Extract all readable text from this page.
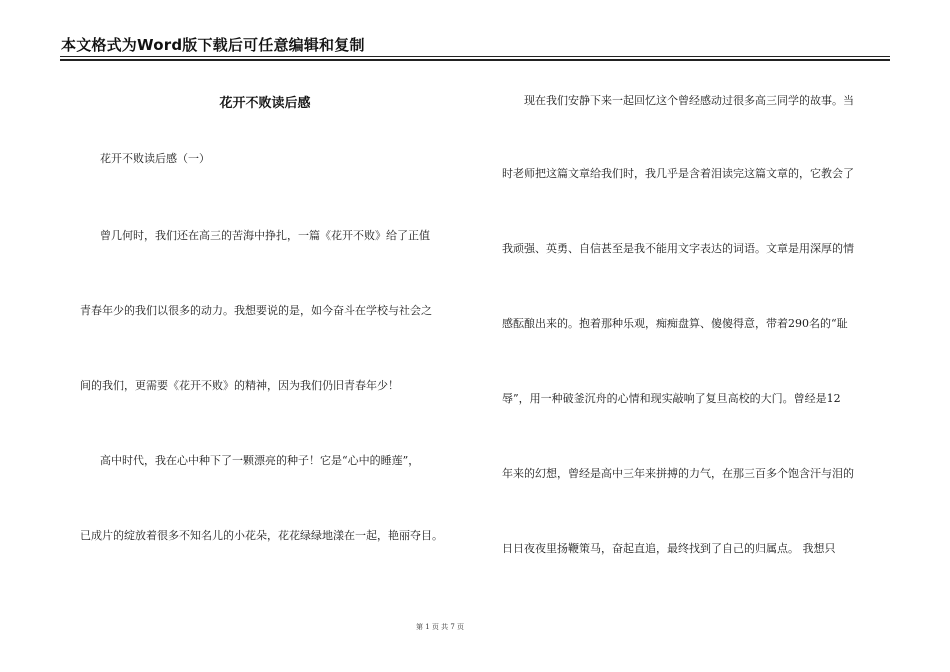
本文格式为Word版下载后可任意编辑和复制
花开不败读后感
花开不败读后感（一）
曾几何时，我们还在高三的苦海中挣扎，一篇《花开不败》给了正值
青春年少的我们以很多的动力。我想要说的是，如今奋斗在学校与社会之
间的我们，更需要《花开不败》的精神，因为我们仍旧青春年少！
高中时代，我在心中种下了一颗漂亮的种子！它是“心中的睡莲”，
已成片的绽放着很多不知名儿的小花朵，花花绿绿地漾在一起，艳丽夺目。
现在我们安静下来一起回忆这个曾经感动过很多高三同学的故事。当
时老师把这篇文章给我们时，我几乎是含着泪读完这篇文章的，它教会了
我顽强、英勇、自信甚至是我不能用文字表达的词语。文章是用深厚的情
感酝酿出来的。抱着那种乐观，痴痴盘算、傻傻得意，带着290名的“耻
辱”，用一种破釜沉舟的心情和现实敲响了复旦高校的大门。曾经是12
年来的幻想，曾经是高中三年来拼搏的力气，在那三百多个饱含汗与泪的
日日夜夜里扬鞭策马，奋起直追，最终找到了自己的归属点。 我想只
第 1 页 共 7 页
